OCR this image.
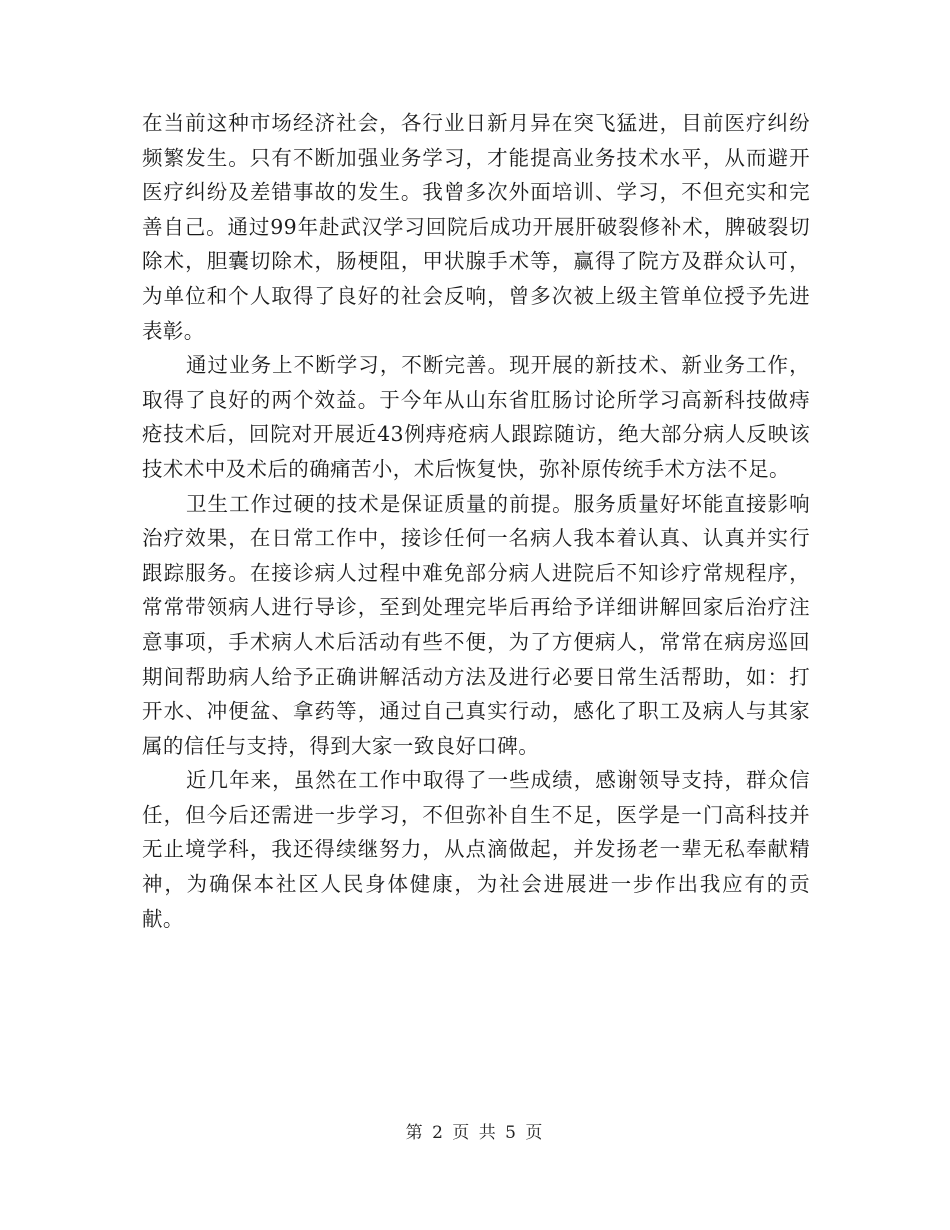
在当前这种市场经济社会，各行业日新月异在突飞猛进，目前医疗纠纷频繁发生。只有不断加强业务学习，才能提高业务技术水平，从而避开医疗纠纷及差错事故的发生。我曾多次外面培训、学习，不但充实和完善自己。通过99年赴武汉学习回院后成功开展肝破裂修补术，脾破裂切除术，胆囊切除术，肠梗阻，甲状腺手术等，赢得了院方及群众认可，为单位和个人取得了良好的社会反响，曾多次被上级主管单位授予先进表彰。

通过业务上不断学习，不断完善。现开展的新技术、新业务工作，取得了良好的两个效益。于今年从山东省肛肠讨论所学习高新科技做痔疮技术后，回院对开展近43例痔疮病人跟踪随访，绝大部分病人反映该技术术中及术后的确痛苦小，术后恢复快，弥补原传统手术方法不足。

卫生工作过硬的技术是保证质量的前提。服务质量好坏能直接影响治疗效果，在日常工作中，接诊任何一名病人我本着认真、认真并实行跟踪服务。在接诊病人过程中难免部分病人进院后不知诊疗常规程序，常常带领病人进行导诊，至到处理完毕后再给予详细讲解回家后治疗注意事项，手术病人术后活动有些不便，为了方便病人，常常在病房巡回期间帮助病人给予正确讲解活动方法及进行必要日常生活帮助，如：打开水、冲便盆、拿药等，通过自己真实行动，感化了职工及病人与其家属的信任与支持，得到大家一致良好口碑。

近几年来，虽然在工作中取得了一些成绩，感谢领导支持，群众信任，但今后还需进一步学习，不但弥补自生不足，医学是一门高科技并无止境学科，我还得续继努力，从点滴做起，并发扬老一辈无私奉献精神，为确保本社区人民身体健康，为社会进展进一步作出我应有的贡献。

第 2 页 共 5 页
